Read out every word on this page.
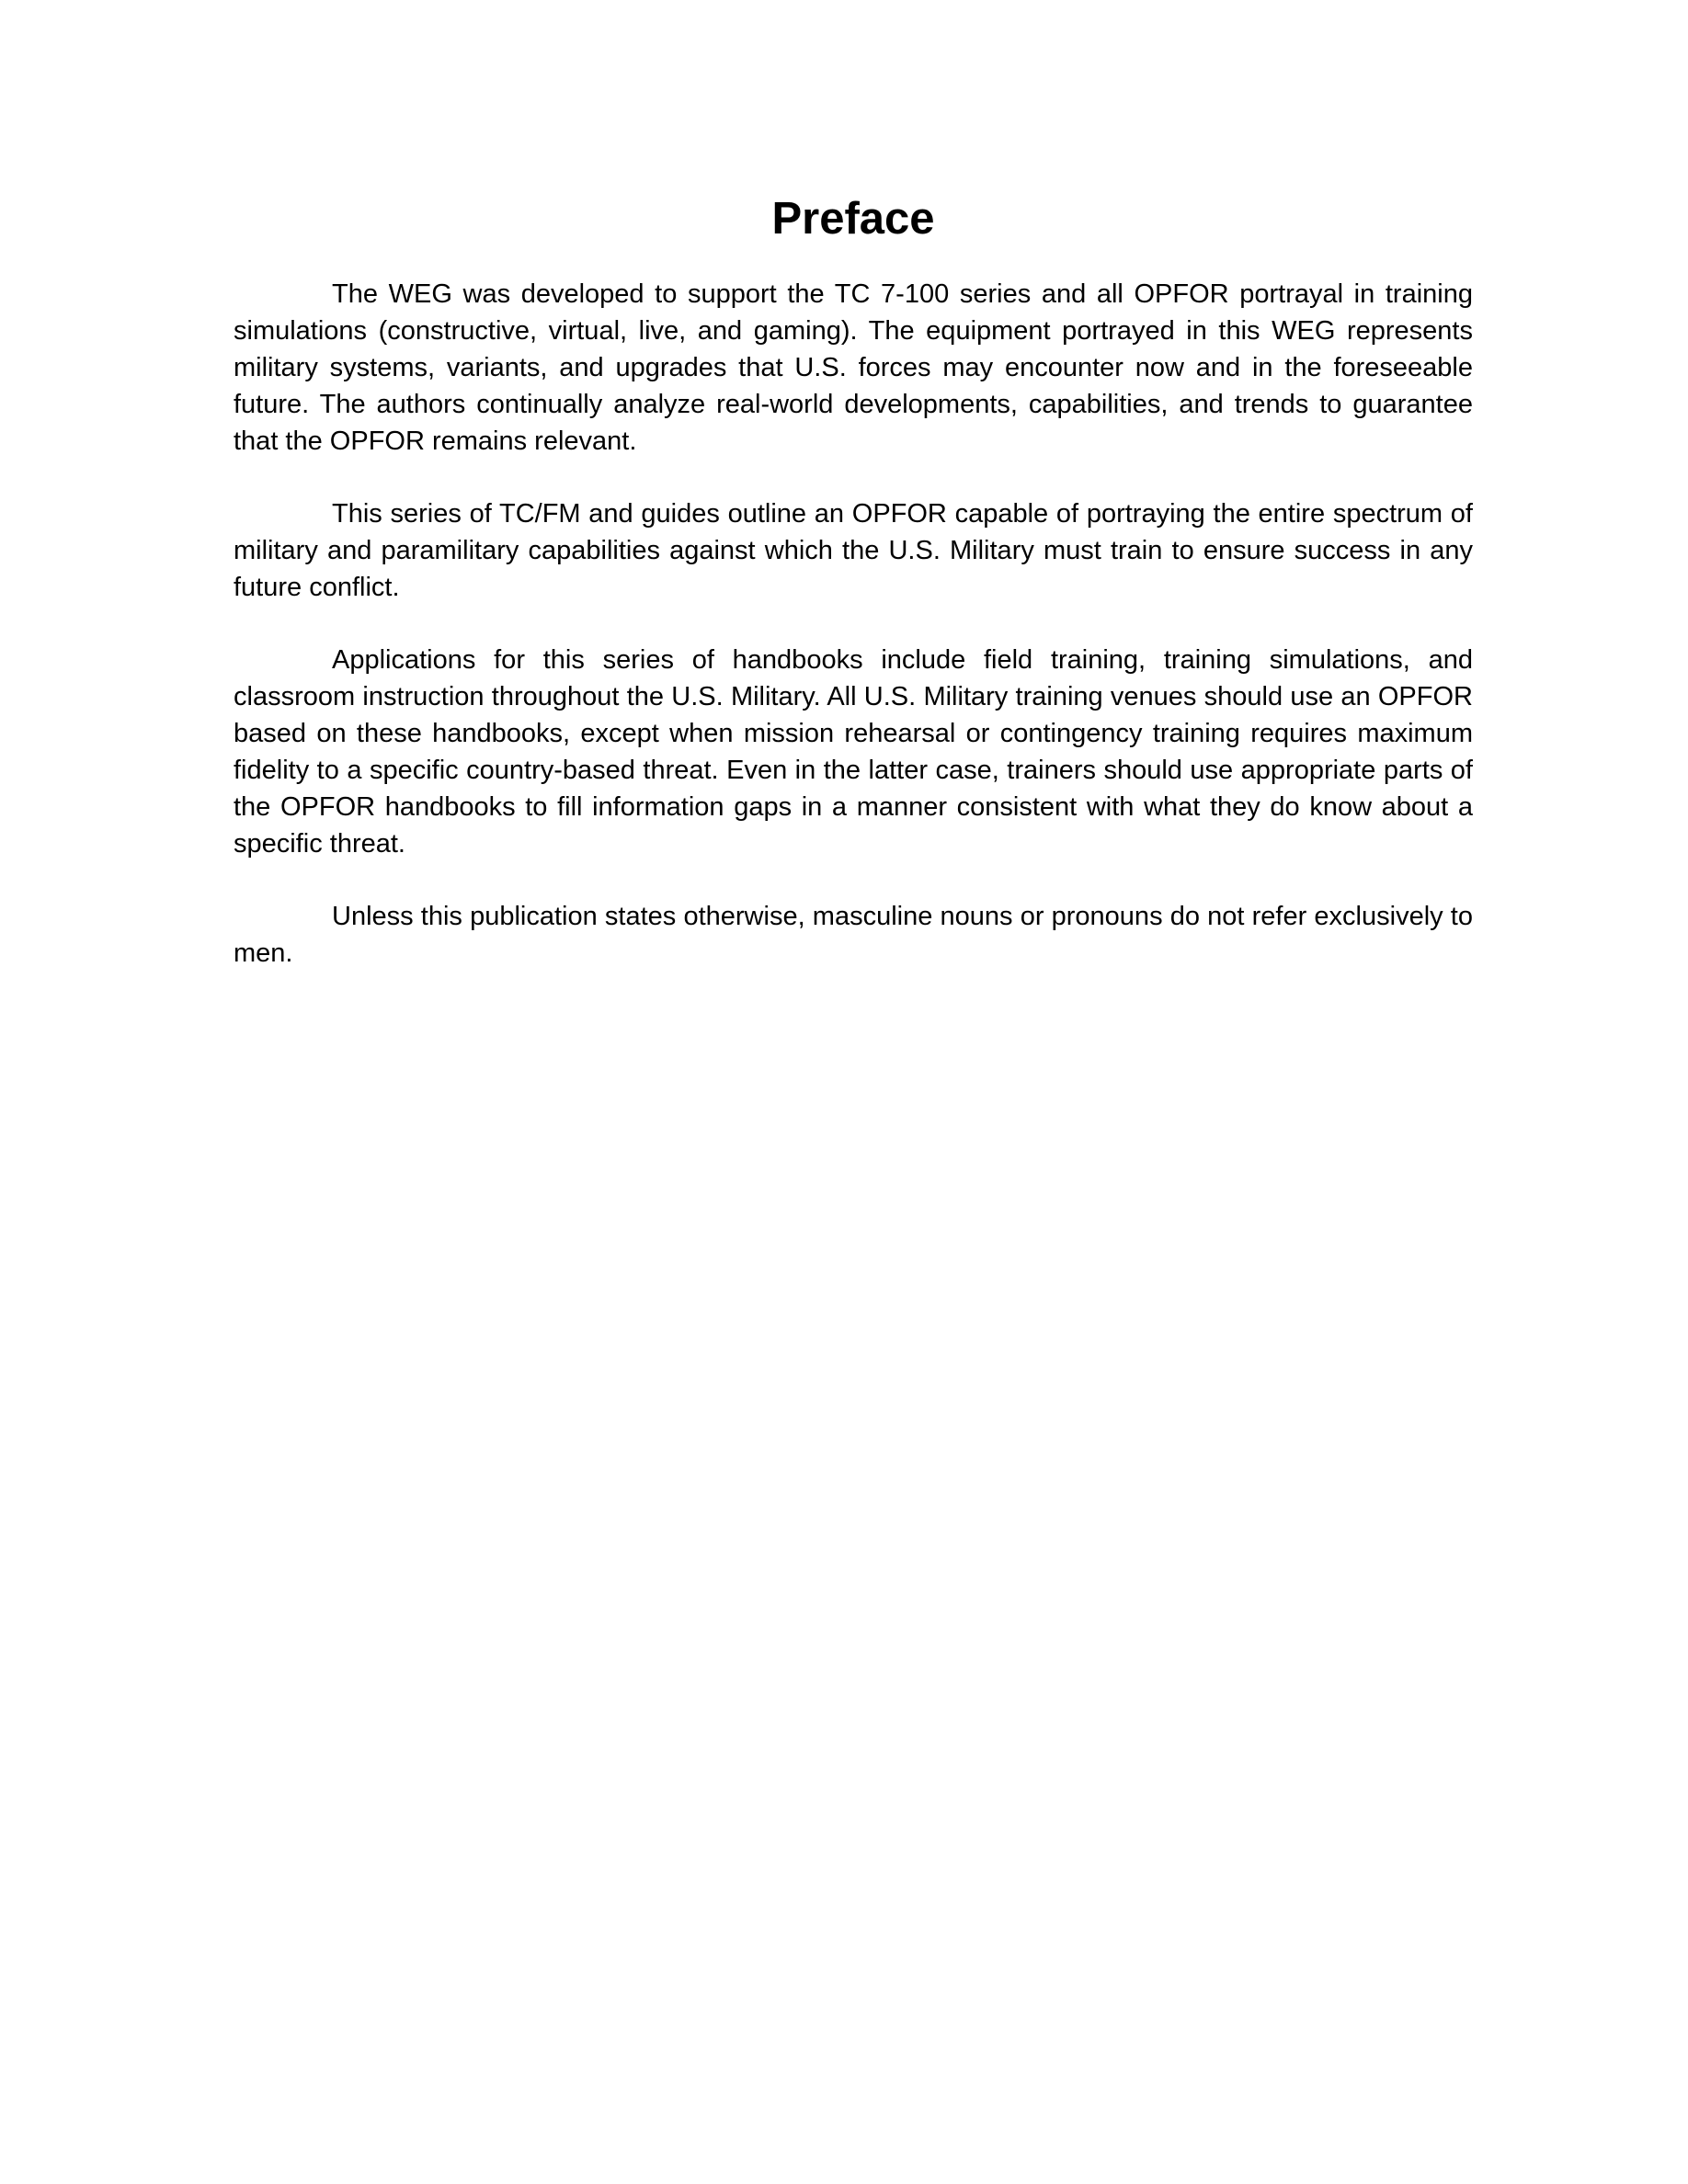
Preface

The WEG was developed to support the TC 7-100 series and all OPFOR portrayal in training simulations (constructive, virtual, live, and gaming). The equipment portrayed in this WEG represents military systems, variants, and upgrades that U.S. forces may encounter now and in the foreseeable future. The authors continually analyze real-world developments, capabilities, and trends to guarantee that the OPFOR remains relevant.

This series of TC/FM and guides outline an OPFOR capable of portraying the entire spectrum of military and paramilitary capabilities against which the U.S. Military must train to ensure success in any future conflict.

Applications for this series of handbooks include field training, training simulations, and classroom instruction throughout the U.S. Military. All U.S. Military training venues should use an OPFOR based on these handbooks, except when mission rehearsal or contingency training requires maximum fidelity to a specific country-based threat. Even in the latter case, trainers should use appropriate parts of the OPFOR handbooks to fill information gaps in a manner consistent with what they do know about a specific threat.

Unless this publication states otherwise, masculine nouns or pronouns do not refer exclusively to men.
